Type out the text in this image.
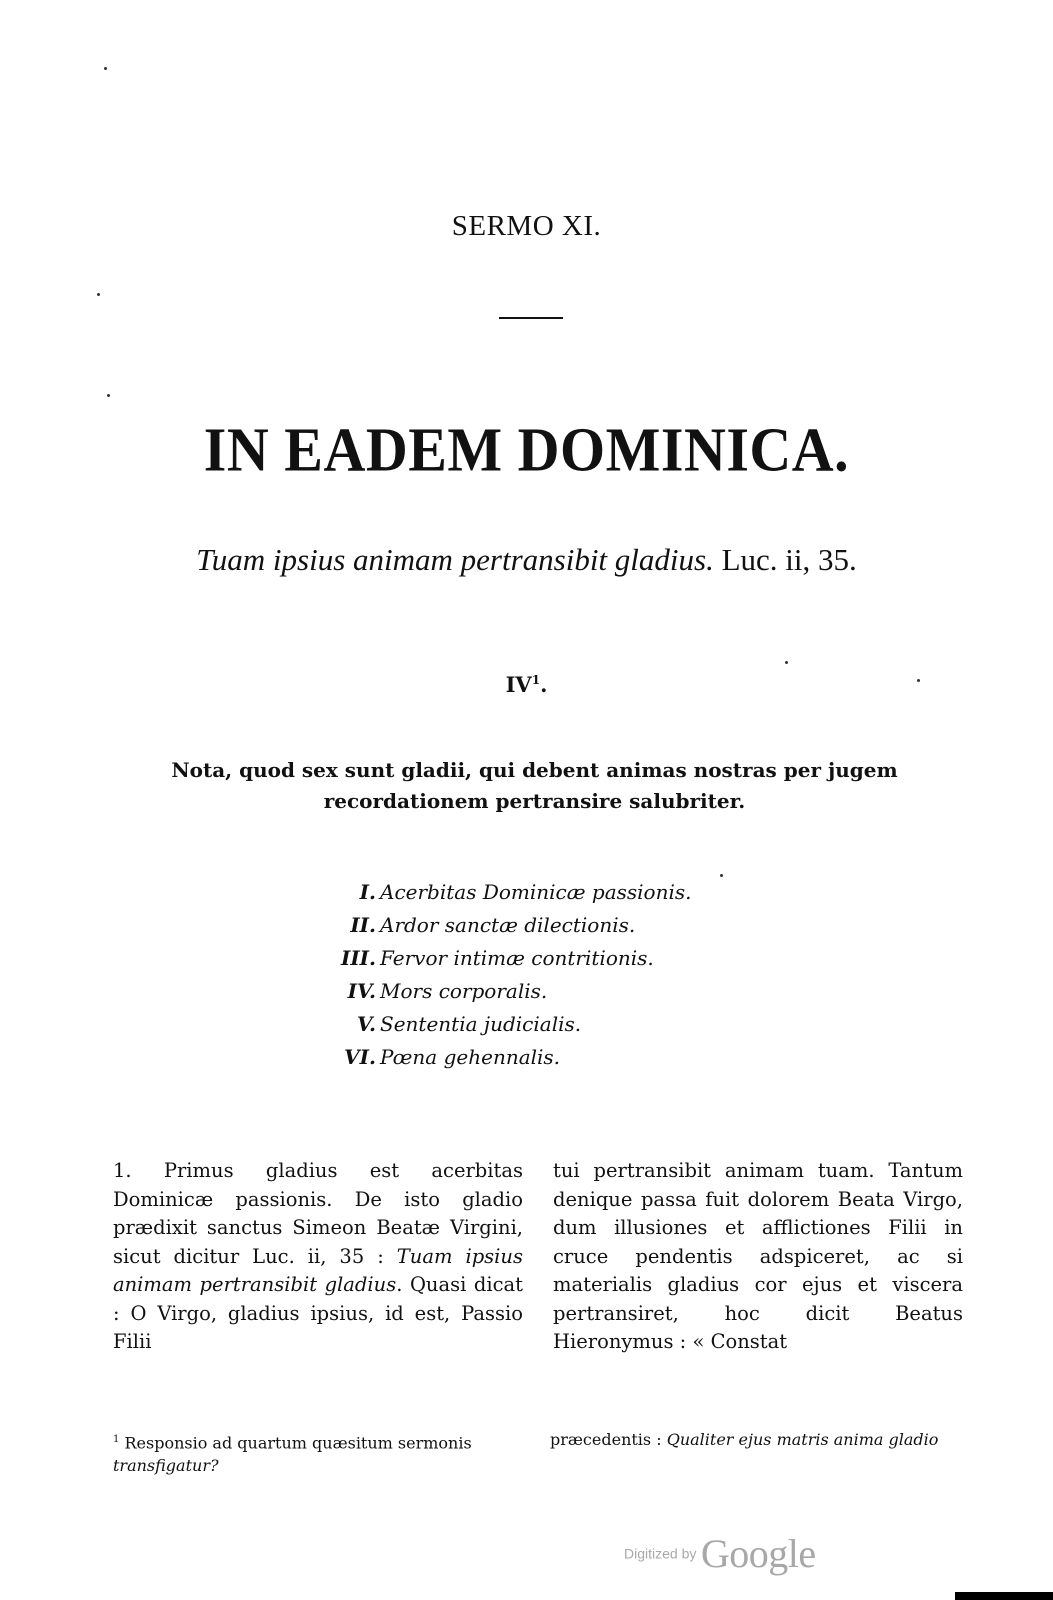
SERMO XI.
IN EADEM DOMINICA.
Tuam ipsius animam pertransibit gladius. Luc. ii, 35.
$IV^1$.
Nota, quod sex sunt gladii, qui debent animas nostras per jugem recordationem pertransire salubriter.
I. Acerbitas Dominicæ passionis.
II. Ardor sanctæ dilectionis.
III. Fervor intimæ contritionis.
IV. Mors corporalis.
V. Sententia judicialis.
VI. Pœna gehennalis.
1. Primus gladius est acerbitas Dominicæ passionis. De isto gladio prædixit sanctus Simeon Beatæ Virgini, sicut dicitur Luc. ii, 35 : Tuam ipsius animam pertransibit gladius. Quasi dicat : O Virgo, gladius ipsius, id est, Passio Filii
tui pertransibit animam tuam. Tantum denique passa fuit dolorem Beata Virgo, dum illusiones et afflictiones Filii in cruce pendentis adspiceret, ac si materialis gladius cor ejus et viscera pertransiret, hoc dicit Beatus Hieronymus : « Constat
$^1$ Responsio ad quartum quæsitum sermonis transfigatur?
præcedentis : Qualiter ejus matris anima gladio
Digitized by Google
